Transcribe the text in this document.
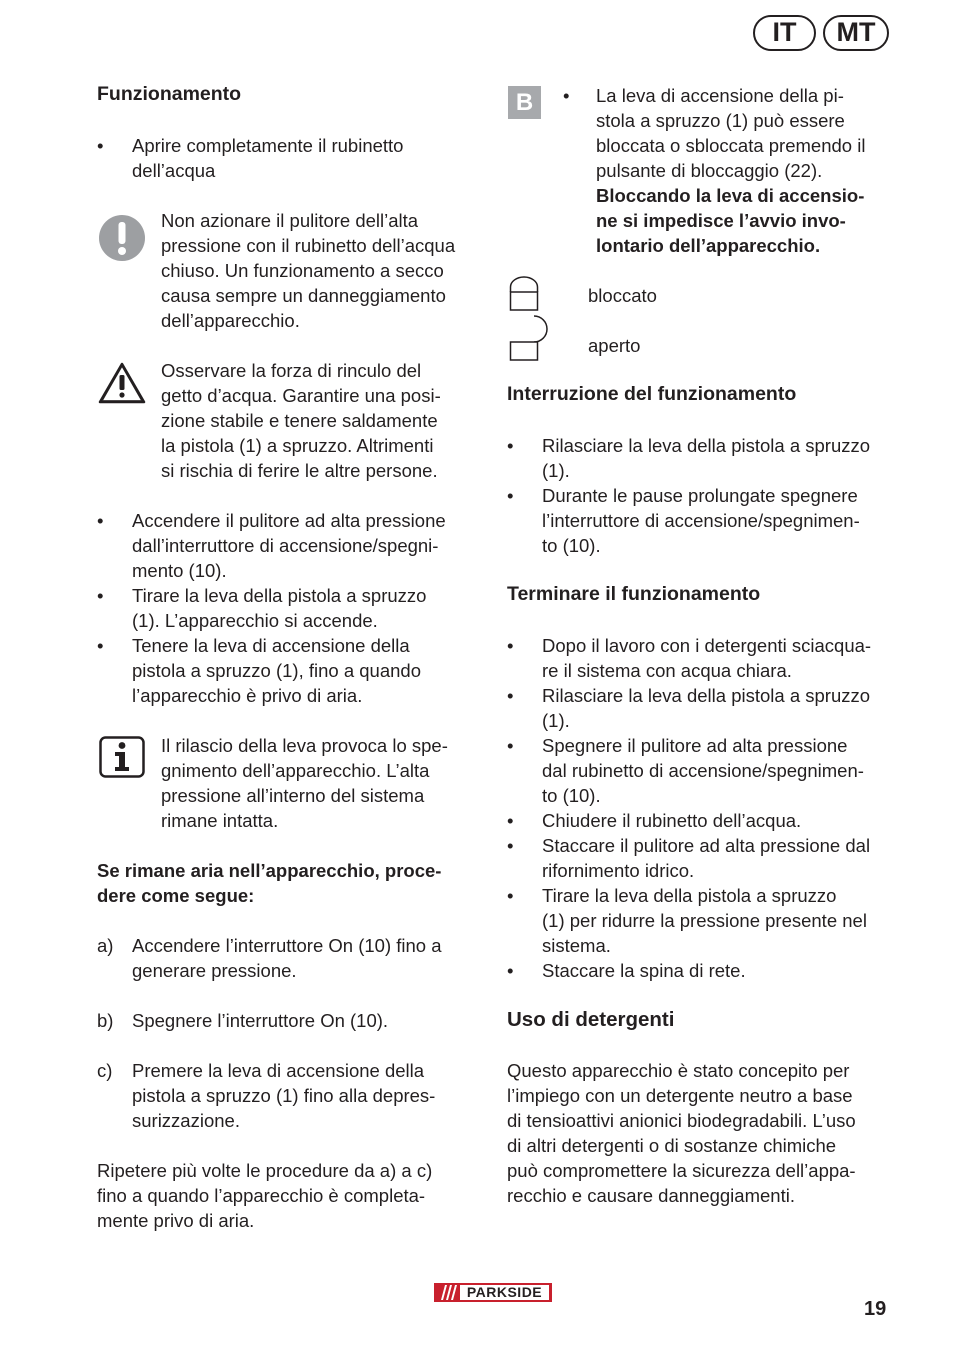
IT	MT
Funzionamento
• Aprire completamente il rubinetto
dell’acqua
Non azionare il pulitore dell’alta
pressione con il rubinetto dell’acqua
chiuso. Un funzionamento a secco
causa sempre un danneggiamento
dell’apparecchio.
Osservare la forza di rinculo del
getto d’acqua. Garantire una posi-
zione stabile e tenere saldamente
la pistola (1) a spruzzo. Altrimenti
si rischia di ferire le altre persone.
• Accendere il pulitore ad alta pressione
dall’interruttore di accensione/spegni-
mento (10).
• Tirare la leva della pistola a spruzzo
(1). L’apparecchio si accende.
• Tenere la leva di accensione della
pistola a spruzzo (1), fino a quando
l’apparecchio è privo di aria.
Il rilascio della leva provoca lo spe-
gnimento dell’apparecchio. L’alta
pressione all’interno del sistema
rimane intatta.
Se rimane aria nell’apparecchio, proce-
dere come segue:
a) Accendere l’interruttore On (10) fino a
generare pressione.
b) Spegnere l’interruttore On (10).
c) Premere la leva di accensione della
pistola a spruzzo (1) fino alla depres-
surizzazione.
Ripetere più volte le procedure da a) a c)
fino a quando l’apparecchio è completa-
mente privo di aria.
B	• La leva di accensione della pi-
stola a spruzzo (1) può essere
bloccata o sbloccata premendo il
pulsante di bloccaggio (22).
Bloccando la leva di accensio-
ne si impedisce l’avvio invo-
lontario dell’apparecchio.
bloccato
aperto
Interruzione del funzionamento
• Rilasciare la leva della pistola a spruzzo
(1).
• Durante le pause prolungate spegnere
l’interruttore di accensione/spegnimen-
to (10).
Terminare il funzionamento
• Dopo il lavoro con i detergenti sciacqua-
re il sistema con acqua chiara.
• Rilasciare la leva della pistola a spruzzo
(1).
• Spegnere il pulitore ad alta pressione
dal rubinetto di accensione/spegnimen-
to (10).
• Chiudere il rubinetto dell’acqua.
• Staccare il pulitore ad alta pressione dal
rifornimento idrico.
• Tirare la leva della pistola a spruzzo
(1) per ridurre la pressione presente nel
sistema.
• Staccare la spina di rete.
Uso di detergenti
Questo apparecchio è stato concepito per
l’impiego con un detergente neutro a base
di tensioattivi anionici biodegradabili. L’uso
di altri detergenti o di sostanze chimiche
può compromettere la sicurezza dell’appa-
recchio e causare danneggiamenti.
PARKSIDE
19
